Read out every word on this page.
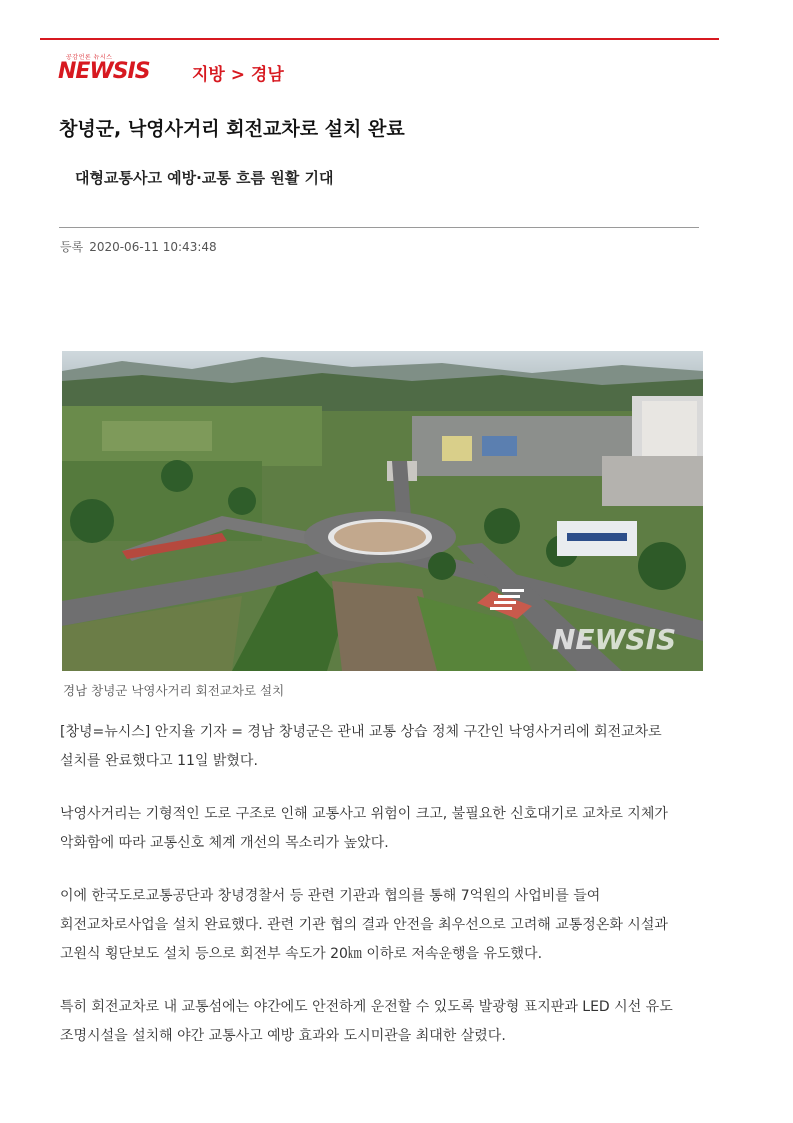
공감언론 뉴시스
NEWSIS 지방 > 경남
창녕군, 낙영사거리 회전교차로 설치 완료
대형교통사고 예방·교통 흐름 원활 기대
등록 2020-06-11 10:43:48
NEWSIS
경남 창녕군 낙영사거리 회전교차로 설치

[창녕=뉴시스] 안지율 기자 = 경남 창녕군은 관내 교통 상습 정체 구간인 낙영사거리에 회전교차로 설치를 완료했다고 11일 밝혔다.

낙영사거리는 기형적인 도로 구조로 인해 교통사고 위험이 크고, 불필요한 신호대기로 교차로 지체가 악화함에 따라 교통신호 체계 개선의 목소리가 높았다.

이에 한국도로교통공단과 창녕경찰서 등 관련 기관과 협의를 통해 7억원의 사업비를 들여 회전교차로사업을 설치 완료했다. 관련 기관 협의 결과 안전을 최우선으로 고려해 교통정온화 시설과 고원식 횡단보도 설치 등으로 회전부 속도가 20㎞ 이하로 저속운행을 유도했다.

특히 회전교차로 내 교통섬에는 야간에도 안전하게 운전할 수 있도록 발광형 표지판과 LED 시선 유도 조명시설을 설치해 야간 교통사고 예방 효과와 도시미관을 최대한 살렸다.
